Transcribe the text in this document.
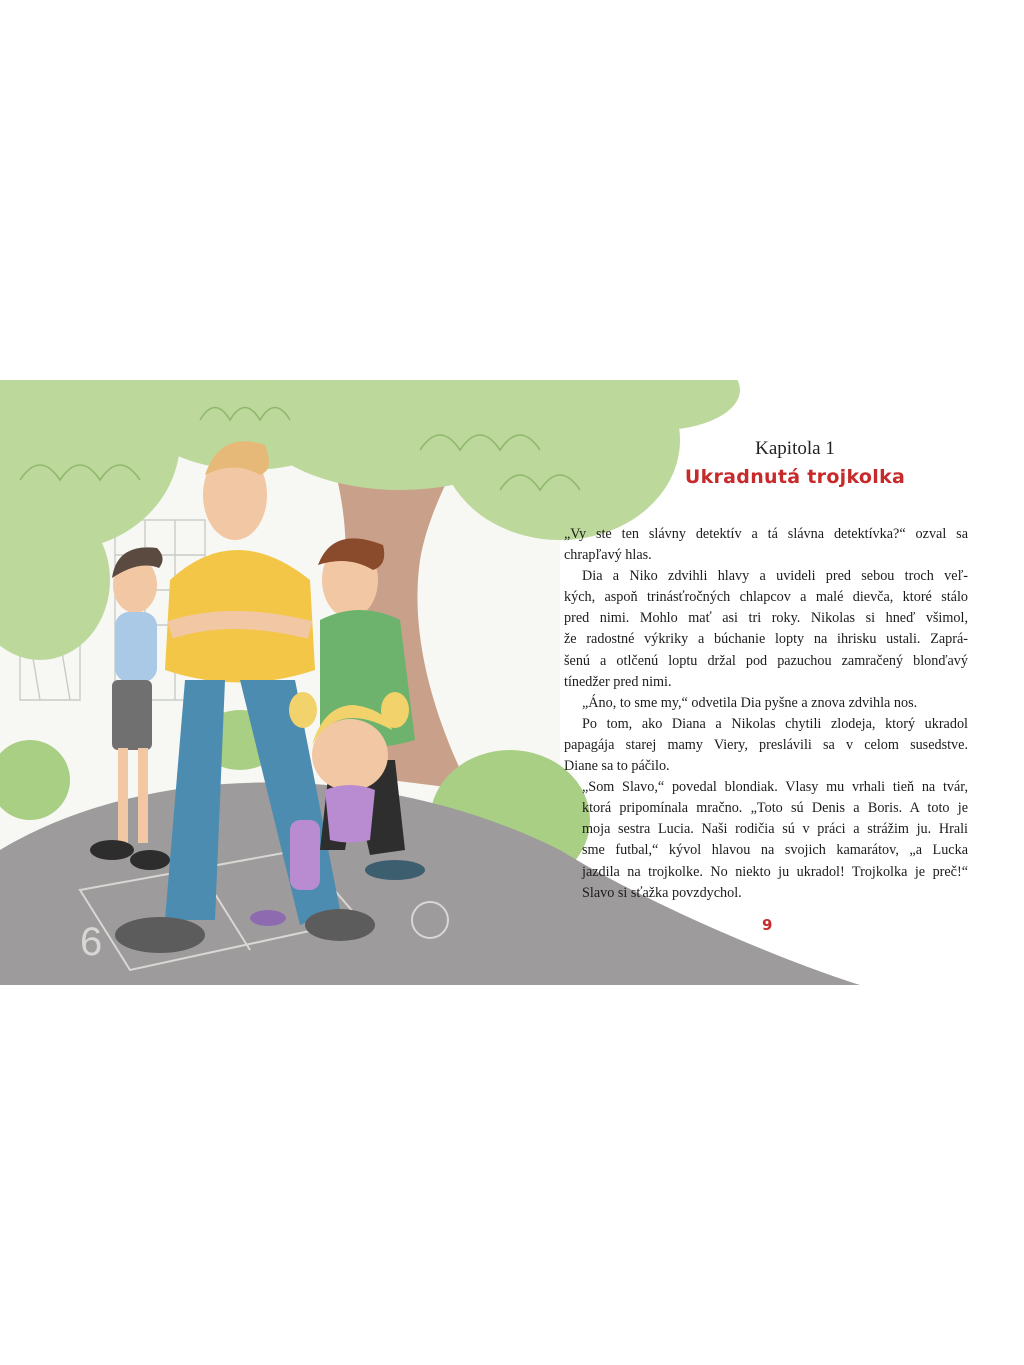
6
Kapitola 1
Ukradnutá trojkolka

„Vy ste ten slávny detektív a tá slávna detektívka?“ ozval sa
chrapľavý hlas.

Dia a Niko zdvihli hlavy a uvideli pred sebou troch veľ-
kých, aspoň trinásťročných chlapcov a malé dievča, ktoré stálo
pred nimi. Mohlo mať asi tri roky. Nikolas si hneď všimol,
že radostné výkriky a búchanie lopty na ihrisku ustali. Zaprá-
šenú a otlčenú loptu držal pod pazuchou zamračený blonďavý
tínedžer pred nimi.

„Áno, to sme my,“ odvetila Dia pyšne a znova zdvihla nos.

Po tom, ako Diana a Nikolas chytili zlodeja, ktorý ukradol
papagája starej mamy Viery, preslávili sa v celom susedstve.
Diane sa to páčilo.

„Som Slavo,“ povedal blondiak. Vlasy mu vrhali tieň na tvár,
ktorá pripomínala mračno. „Toto sú Denis a Boris. A toto je
moja sestra Lucia. Naši rodičia sú v práci a strážim ju. Hrali
sme futbal,“ kývol hlavou na svojich kamarátov, „a Lucka
jazdila na trojkolke. No niekto ju ukradol! Trojkolka je preč!“
Slavo si sťažka povzdychol.

9
